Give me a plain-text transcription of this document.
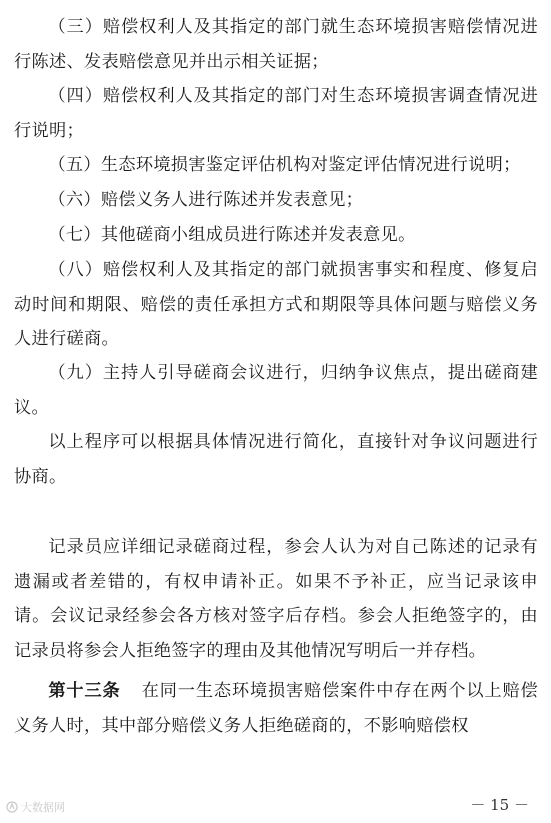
（三）赔偿权利人及其指定的部门就生态环境损害赔偿情况进行陈述、发表赔偿意见并出示相关证据；

（四）赔偿权利人及其指定的部门对生态环境损害调查情况进行说明；

（五）生态环境损害鉴定评估机构对鉴定评估情况进行说明；

（六）赔偿义务人进行陈述并发表意见；

（七）其他磋商小组成员进行陈述并发表意见。

（八）赔偿权利人及其指定的部门就损害事实和程度、修复启动时间和期限、赔偿的责任承担方式和期限等具体问题与赔偿义务人进行磋商。

（九）主持人引导磋商会议进行，归纳争议焦点，提出磋商建议。

以上程序可以根据具体情况进行简化，直接针对争议问题进行协商。

记录员应详细记录磋商过程，参会人认为对自己陈述的记录有遗漏或者差错的，有权申请补正。如果不予补正，应当记录该申请。会议记录经参会各方核对签字后存档。参会人拒绝签字的，由记录员将参会人拒绝签字的理由及其他情况写明后一并存档。

第十三条 在同一生态环境损害赔偿案件中存在两个以上赔偿义务人时，其中部分赔偿义务人拒绝磋商的，不影响赔偿权

大数据网	－ 15 －
